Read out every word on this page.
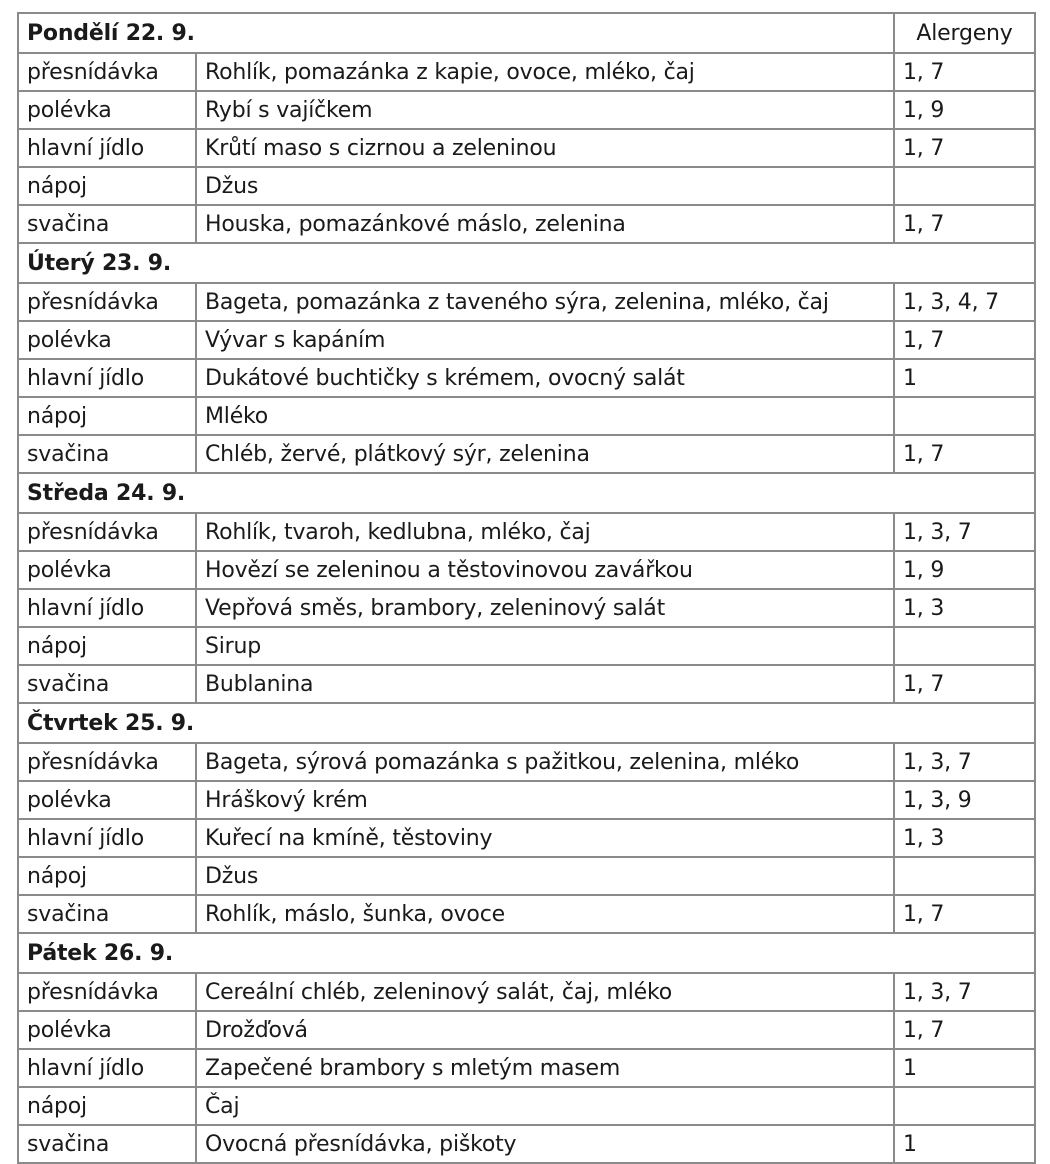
Pondělí 22. 9.		Alergeny
přesnídávka	Rohlík, pomazánka z kapie, ovoce, mléko, čaj	1, 7
polévka	Rybí s vajíčkem	1, 9
hlavní jídlo	Krůtí maso s cizrnou a zeleninou	1, 7
nápoj	Džus	
svačina	Houska, pomazánkové máslo, zelenina	1, 7
Úterý 23. 9.		
přesnídávka	Bageta, pomazánka z taveného sýra, zelenina, mléko, čaj	1, 3, 4, 7
polévka	Vývar s kapáním	1, 7
hlavní jídlo	Dukátové buchtičky s krémem, ovocný salát	1
nápoj	Mléko	
svačina	Chléb, žervé, plátkový sýr, zelenina	1, 7
Středa 24. 9.		
přesnídávka	Rohlík, tvaroh, kedlubna, mléko, čaj	1, 3, 7
polévka	Hovězí se zeleninou a těstovinovou zavářkou	1, 9
hlavní jídlo	Vepřová směs, brambory, zeleninový salát	1, 3
nápoj	Sirup	
svačina	Bublanina	1, 7
Čtvrtek 25. 9.		
přesnídávka	Bageta, sýrová pomazánka s pažitkou, zelenina, mléko	1, 3, 7
polévka	Hráškový krém	1, 3, 9
hlavní jídlo	Kuřecí na kmíně, těstoviny	1, 3
nápoj	Džus	
svačina	Rohlík, máslo, šunka, ovoce	1, 7
Pátek 26. 9.		
přesnídávka	Cereální chléb, zeleninový salát, čaj, mléko	1, 3, 7
polévka	Drožďová	1, 7
hlavní jídlo	Zapečené brambory s mletým masem	1
nápoj	Čaj	
svačina	Ovocná přesnídávka, piškoty	1
